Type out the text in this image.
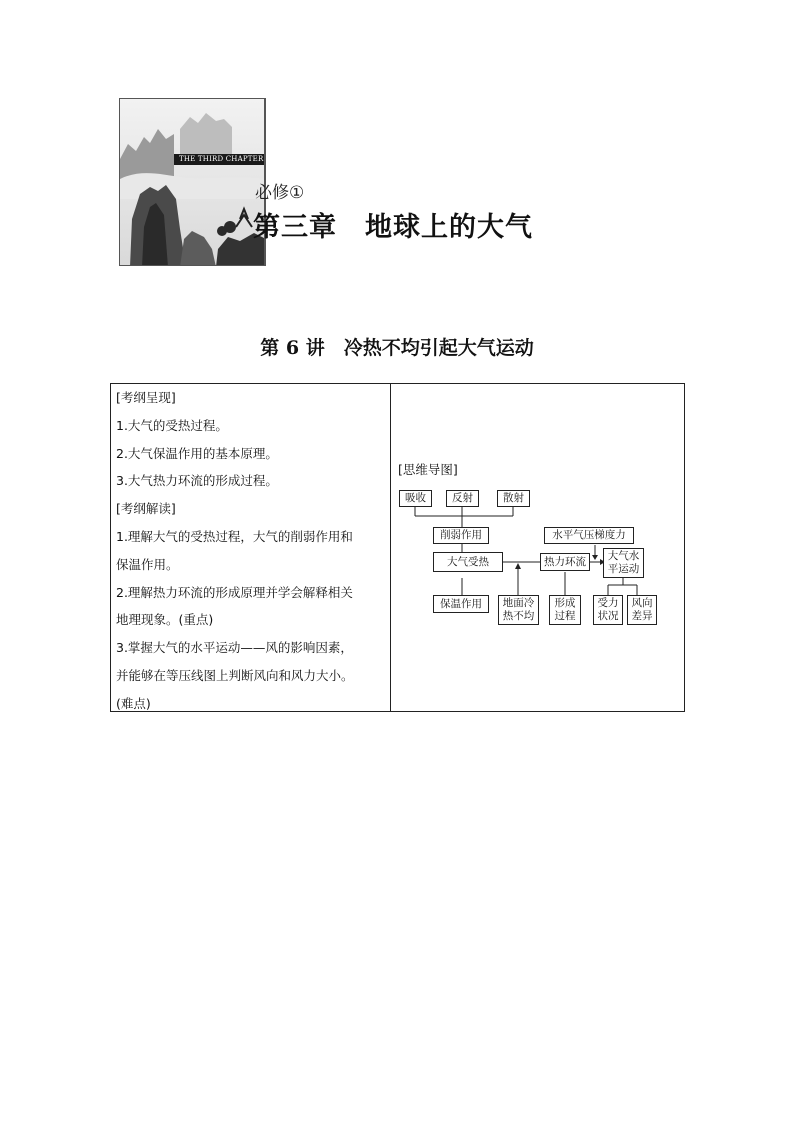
THE THIRD CHAPTER
必修①
第三章　地球上的大气
第 6 讲　冷热不均引起大气运动
[考纲呈现]
1.大气的受热过程。
2.大气保温作用的基本原理。
3.大气热力环流的形成过程。
[考纲解读]
1.理解大气的受热过程，大气的削弱作用和
保温作用。
2.理解热力环流的形成原理并学会解释相关
地理现象。(重点)
3.掌握大气的水平运动——风的影响因素，
并能够在等压线图上判断风向和风力大小。
(难点)
[思维导图]
吸收	反射	散射
削弱作用
大气受热
保温作用	地面冷
热不均
热力环流
形成
过程
水平气压梯度力
大气水
平运动
受力
状况
风向
差异
